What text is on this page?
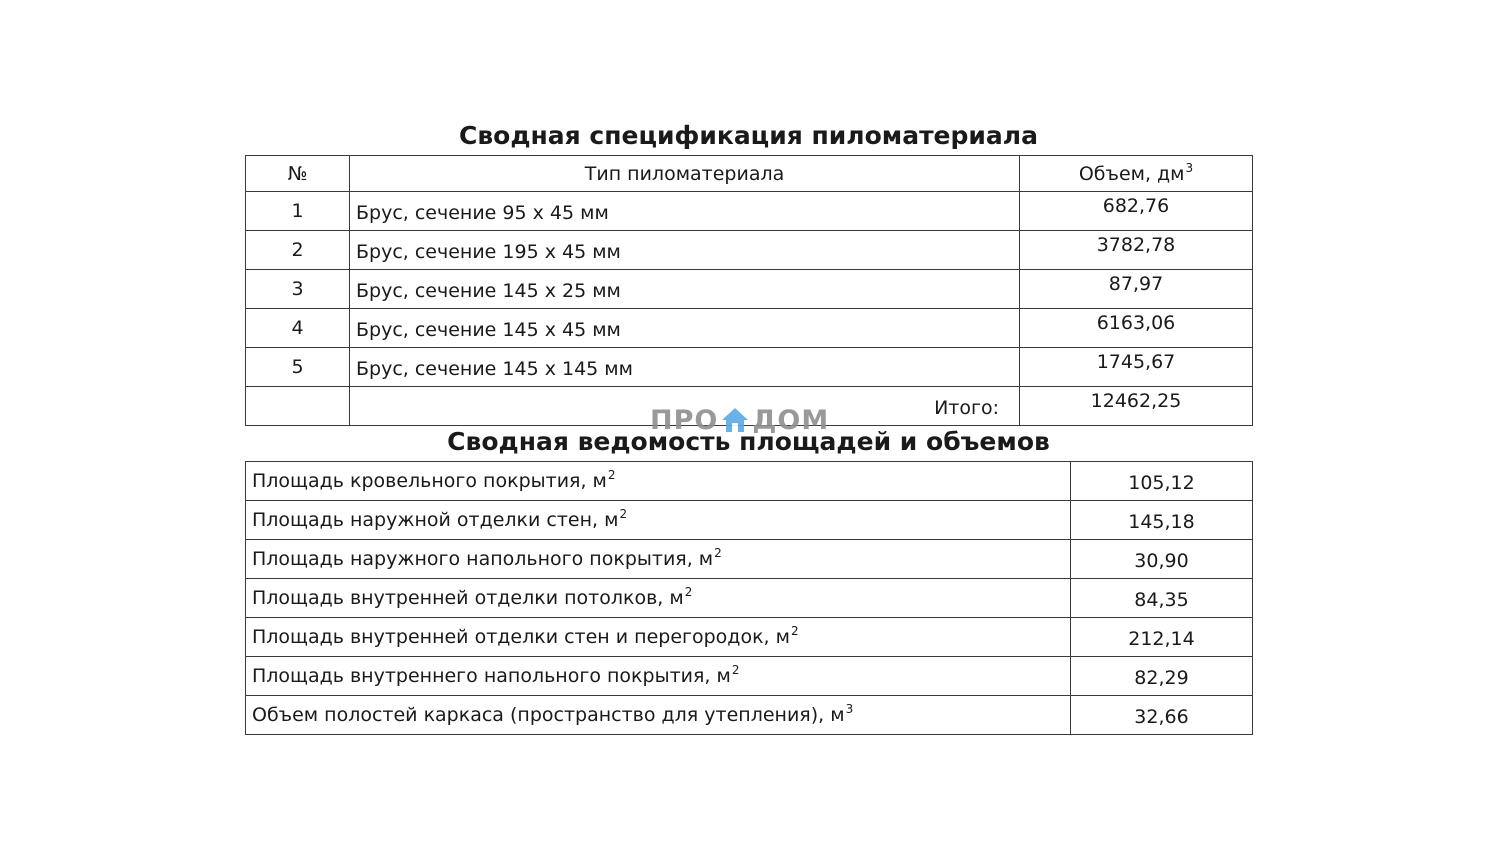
Сводная спецификация пиломатериала
№	Тип пиломатериала	Объем, $дм^3$
1	Брус, сечение 95 х 45 мм	682,76
2	Брус, сечение 195 х 45 мм	3782,78
3	Брус, сечение 145 х 25 мм	87,97
4	Брус, сечение 145 х 45 мм	6163,06
5	Брус, сечение 145 х 145 мм	1745,67
	Итого:	12462,25
ПРО ДОМ
Сводная ведомость площадей и объемов
Площадь кровельного покрытия, $м^2$	105,12
Площадь наружной отделки стен, $м^2$	145,18
Площадь наружного напольного покрытия, $м^2$	30,90
Площадь внутренней отделки потолков, $м^2$	84,35
Площадь внутренней отделки стен и перегородок, $м^2$	212,14
Площадь внутреннего напольного покрытия, $м^2$	82,29
Объем полостей каркаса (пространство для утепления), $м^3$	32,66
